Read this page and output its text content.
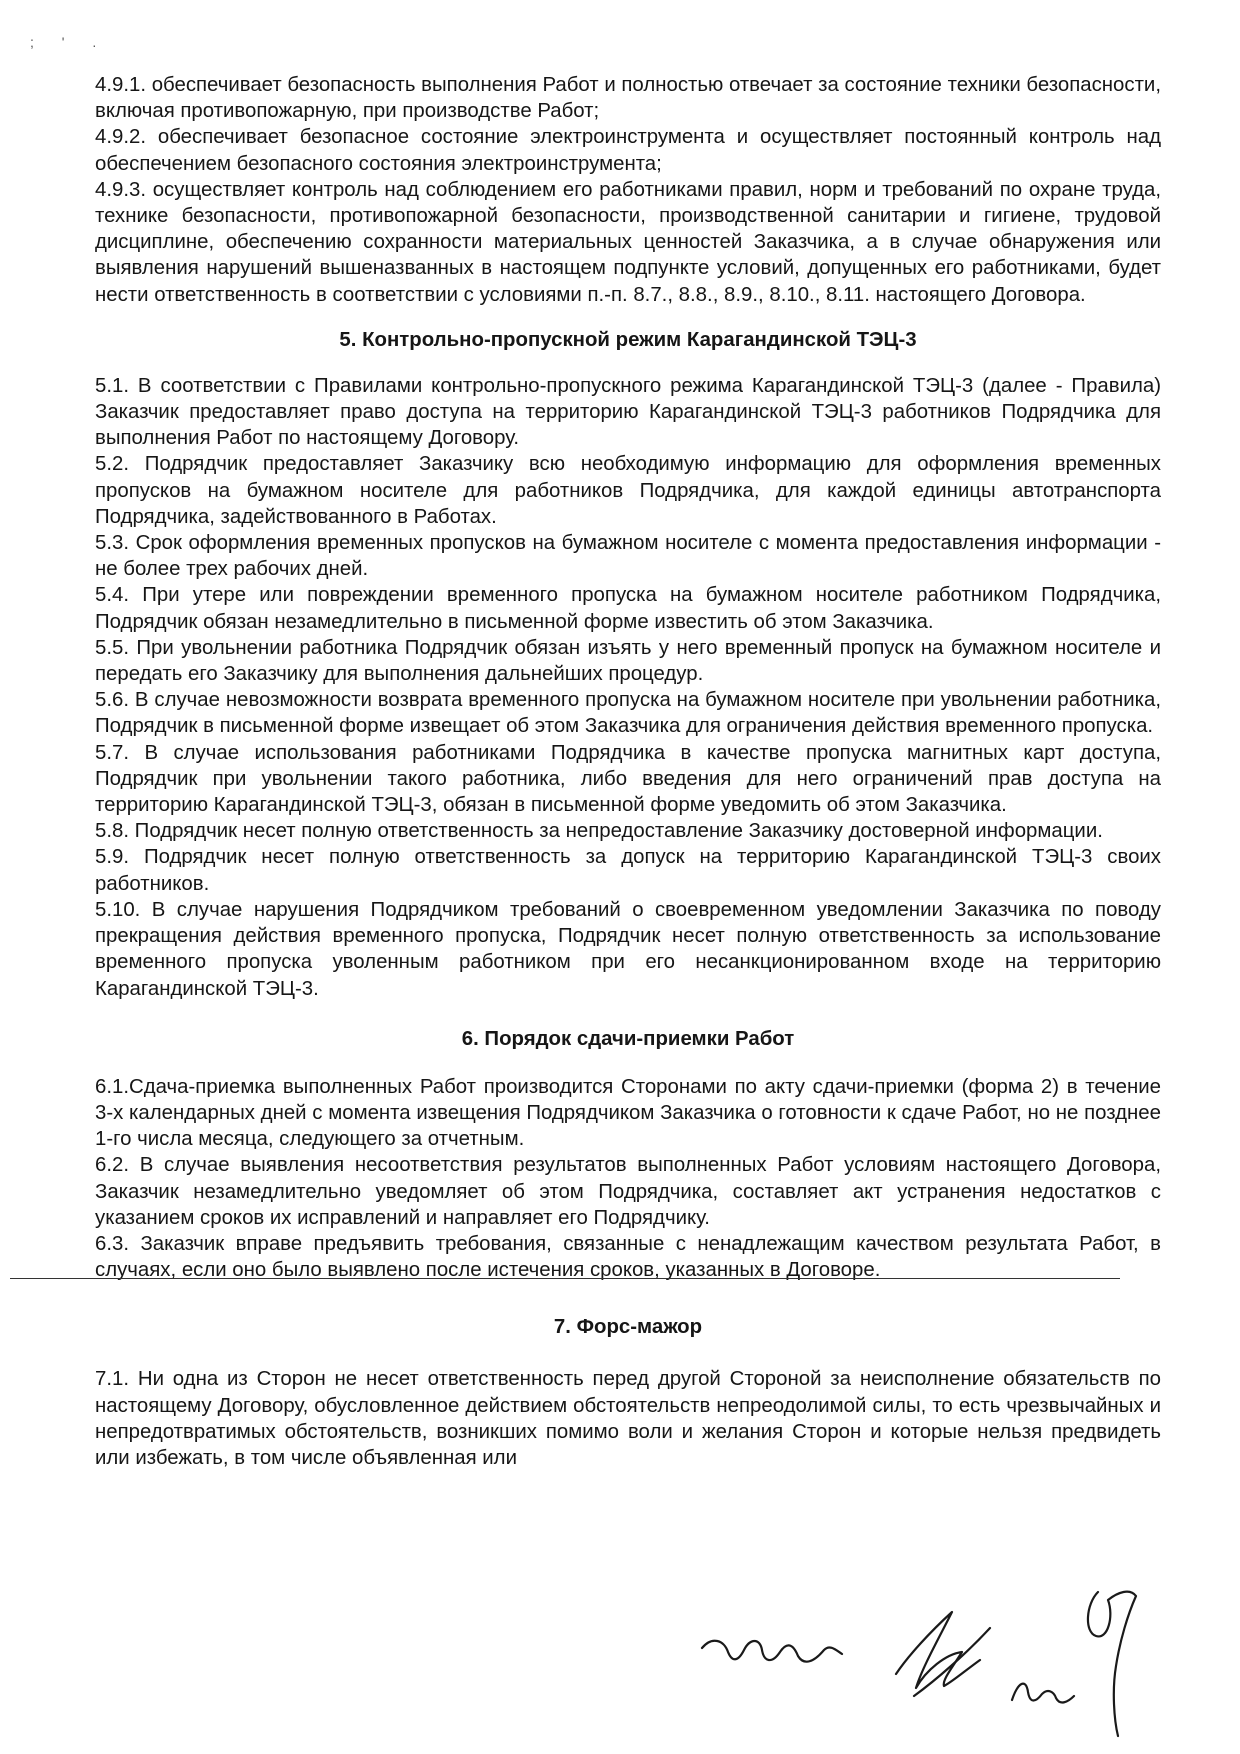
; ' .

4.9.1. обеспечивает безопасность выполнения Работ и полностью отвечает за состояние техники безопасности, включая противопожарную, при производстве Работ;

4.9.2. обеспечивает безопасное состояние электроинструмента и осуществляет постоянный контроль над обеспечением безопасного состояния электроинструмента;

4.9.3. осуществляет контроль над соблюдением его работниками правил, норм и требований по охране труда, технике безопасности, противопожарной безопасности, производственной санитарии и гигиене, трудовой дисциплине, обеспечению сохранности материальных ценностей Заказчика, а в случае обнаружения или выявления нарушений вышеназванных в настоящем подпункте условий, допущенных его работниками, будет нести ответственность в соответствии с условиями п.-п. 8.7., 8.8., 8.9., 8.10., 8.11. настоящего Договора.

5. Контрольно-пропускной режим Карагандинской ТЭЦ-3

5.1. В соответствии с Правилами контрольно-пропускного режима Карагандинской ТЭЦ-3 (далее - Правила) Заказчик предоставляет право доступа на территорию Карагандинской ТЭЦ-3 работников Подрядчика для выполнения Работ по настоящему Договору.

5.2. Подрядчик предоставляет Заказчику всю необходимую информацию для оформления временных пропусков на бумажном носителе для работников Подрядчика, для каждой единицы автотранспорта Подрядчика, задействованного в Работах.

5.3. Срок оформления временных пропусков на бумажном носителе с момента предоставления информации - не более трех рабочих дней.

5.4. При утере или повреждении временного пропуска на бумажном носителе работником Подрядчика, Подрядчик обязан незамедлительно в письменной форме известить об этом Заказчика.

5.5. При увольнении работника Подрядчик обязан изъять у него временный пропуск на бумажном носителе и передать его Заказчику для выполнения дальнейших процедур.

5.6. В случае невозможности возврата временного пропуска на бумажном носителе при увольнении работника, Подрядчик в письменной форме извещает об этом Заказчика для ограничения действия временного пропуска.

5.7. В случае использования работниками Подрядчика в качестве пропуска магнитных карт доступа, Подрядчик при увольнении такого работника, либо введения для него ограничений прав доступа на территорию Карагандинской ТЭЦ-3, обязан в письменной форме уведомить об этом Заказчика.

5.8. Подрядчик несет полную ответственность за непредоставление Заказчику достоверной информации.

5.9. Подрядчик несет полную ответственность за допуск на территорию Карагандинской ТЭЦ-3 своих работников.

5.10. В случае нарушения Подрядчиком требований о своевременном уведомлении Заказчика по поводу прекращения действия временного пропуска, Подрядчик несет полную ответственность за использование временного пропуска уволенным работником при его несанкционированном входе на территорию Карагандинской ТЭЦ-3.

6. Порядок сдачи-приемки Работ

6.1.Сдача-приемка выполненных Работ производится Сторонами по акту сдачи-приемки (форма 2) в течение 3-х календарных дней с момента извещения Подрядчиком Заказчика о готовности к сдаче Работ, но не позднее 1-го числа месяца, следующего за отчетным.

6.2. В случае выявления несоответствия результатов выполненных Работ условиям настоящего Договора, Заказчик незамедлительно уведомляет об этом Подрядчика, составляет акт устранения недостатков с указанием сроков их исправлений и направляет его Подрядчику.

6.3. Заказчик вправе предъявить требования, связанные с ненадлежащим качеством результата Работ, в случаях, если оно было выявлено после истечения сроков, указанных в Договоре.

7. Форс-мажор

7.1. Ни одна из Сторон не несет ответственность перед другой Стороной за неисполнение обязательств по настоящему Договору, обусловленное действием обстоятельств непреодолимой силы, то есть чрезвычайных и непредотвратимых обстоятельств, возникших помимо воли и желания Сторон и которые нельзя предвидеть или избежать, в том числе объявленная или
